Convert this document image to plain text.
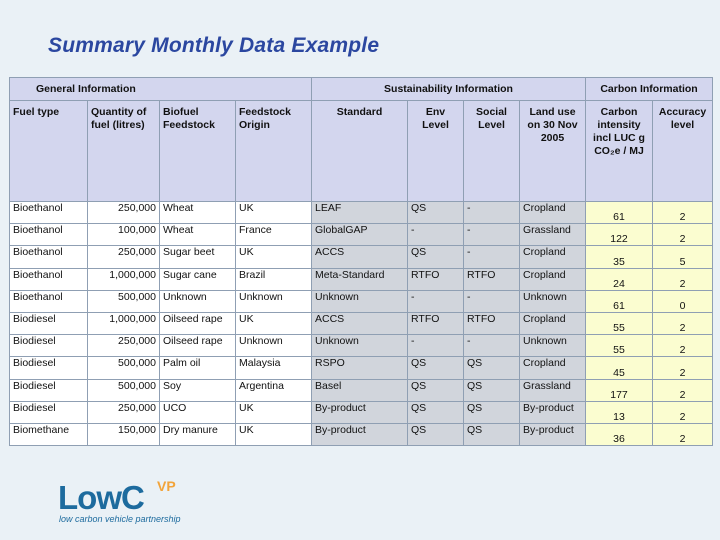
Summary Monthly Data Example
General Information				Sustainability Information				Carbon Information	
Fuel type	Quantity of fuel (litres)	Biofuel Feedstock	Feedstock Origin	Standard	Env Level	Social Level	Land use on 30 Nov 2005	Carbon intensity incl LUC g CO₂e / MJ	Accuracy level
Bioethanol	250,000	Wheat	UK	LEAF	QS	-	Cropland	61	2
Bioethanol	100,000	Wheat	France	GlobalGAP	-	-	Grassland	122	2
Bioethanol	250,000	Sugar beet	UK	ACCS	QS	-	Cropland	35	5
Bioethanol	1,000,000	Sugar cane	Brazil	Meta-Standard	RTFO	RTFO	Cropland	24	2
Bioethanol	500,000	Unknown	Unknown	Unknown	-	-	Unknown	61	0
Biodiesel	1,000,000	Oilseed rape	UK	ACCS	RTFO	RTFO	Cropland	55	2
Biodiesel	250,000	Oilseed rape	Unknown	Unknown	-	-	Unknown	55	2
Biodiesel	500,000	Palm oil	Malaysia	RSPO	QS	QS	Cropland	45	2
Biodiesel	500,000	Soy	Argentina	Basel	QS	QS	Grassland	177	2
Biodiesel	250,000	UCO	UK	By-product	QS	QS	By-product	13	2
Biomethane	150,000	Dry manure	UK	By-product	QS	QS	By-product	36	2
LowC VP
low carbon vehicle partnership
